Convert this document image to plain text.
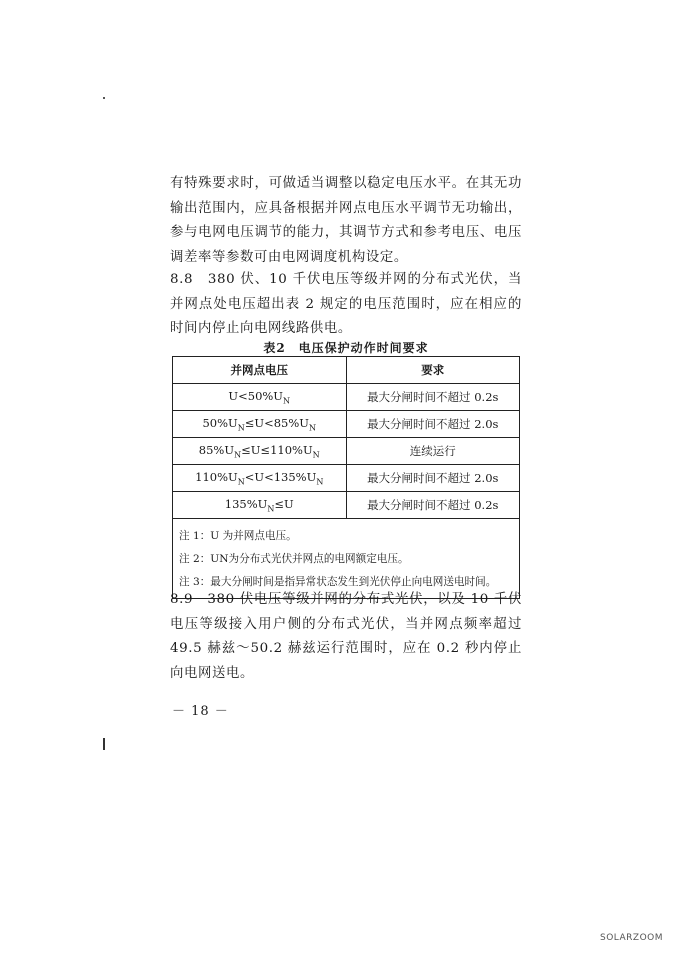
有特殊要求时，可做适当调整以稳定电压水平。在其无功输出范围内，应具备根据并网点电压水平调节无功输出，参与电网电压调节的能力，其调节方式和参考电压、电压调差率等参数可由电网调度机构设定。

8.8　380 伏、10 千伏电压等级并网的分布式光伏，当并网点处电压超出表 2 规定的电压范围时，应在相应的时间内停止向电网线路供电。

表2　电压保护动作时间要求
并网点电压	要求
$U<50\%U_N$	最大分闸时间不超过 0.2s
$50\%U_N\le U<85\%U_N$	最大分闸时间不超过 2.0s
$85\%U_N\le U\le 110\%U_N$	连续运行
$110\%U_N<U<135\%U_N$	最大分闸时间不超过 2.0s
$135\%U_N\le U$	最大分闸时间不超过 0.2s

注 1：U 为并网点电压。
注 2：UN为分布式光伏并网点的电网额定电压。
注 3：最大分闸时间是指异常状态发生到光伏停止向电网送电时间。	

8.9　380 伏电压等级并网的分布式光伏，以及 10 千伏电压等级接入用户侧的分布式光伏，当并网点频率超过 49.5 赫兹～50.2 赫兹运行范围时，应在 0.2 秒内停止向电网送电。

－ 18 －
SOLARZOOM
